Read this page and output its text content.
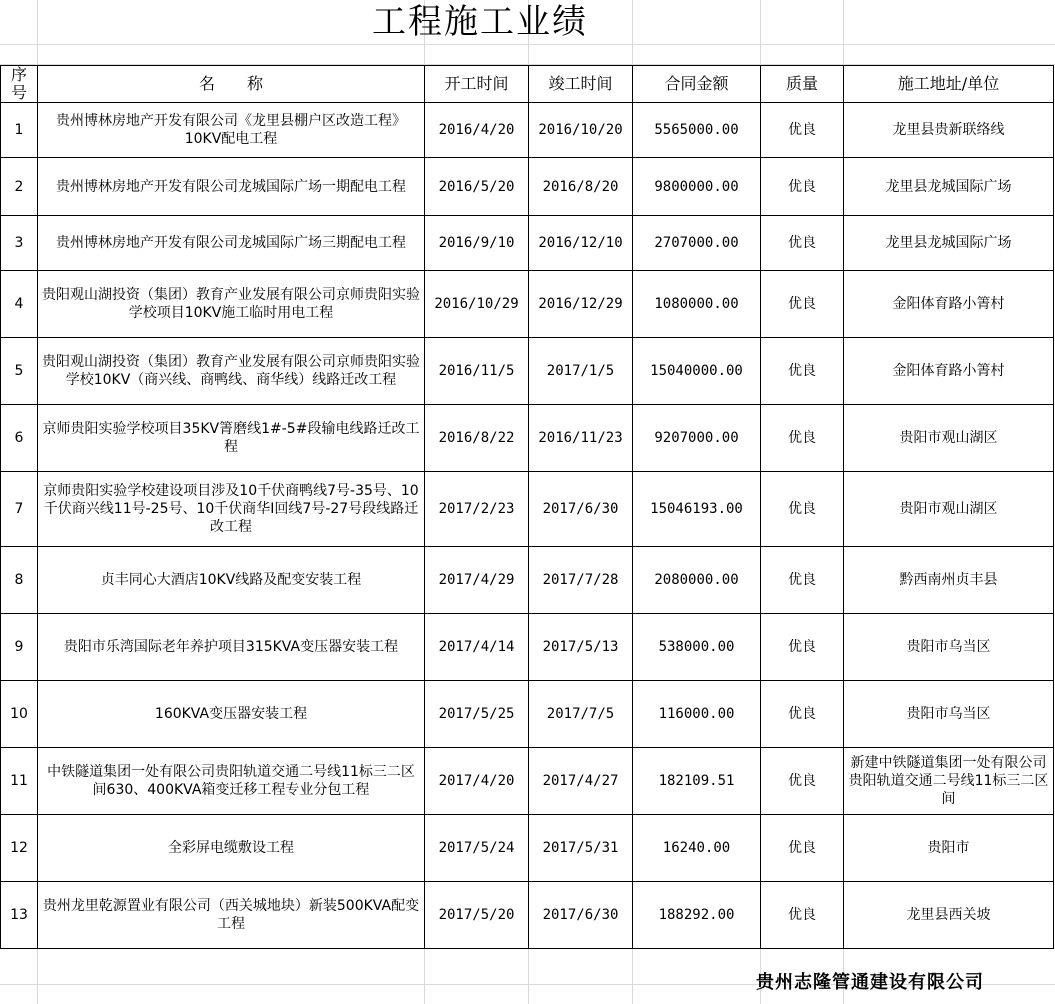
工程施工业绩
序号	名　　称	开工时间	竣工时间	合同金额	质量	施工地址/单位
1	贵州博林房地产开发有限公司《龙里县棚户区改造工程》10KV配电工程	2016/4/20	2016/10/20	5565000.00	优良	龙里县贵新联络线
2	贵州博林房地产开发有限公司龙城国际广场一期配电工程	2016/5/20	2016/8/20	9800000.00	优良	龙里县龙城国际广场
3	贵州博林房地产开发有限公司龙城国际广场三期配电工程	2016/9/10	2016/12/10	2707000.00	优良	龙里县龙城国际广场
4	贵阳观山湖投资（集团）教育产业发展有限公司京师贵阳实验学校项目10KV施工临时用电工程	2016/10/29	2016/12/29	1080000.00	优良	金阳体育路小箐村
5	贵阳观山湖投资（集团）教育产业发展有限公司京师贵阳实验学校10KV（商兴线、商鸭线、商华线）线路迁改工程	2016/11/5	2017/1/5	15040000.00	优良	金阳体育路小箐村
6	京师贵阳实验学校项目35KV箐磨线1#-5#段输电线路迁改工程	2016/8/22	2016/11/23	9207000.00	优良	贵阳市观山湖区
7	京师贵阳实验学校建设项目涉及10千伏商鸭线7号-35号、10千伏商兴线11号-25号、10千伏商华I回线7号-27号段线路迁改工程	2017/2/23	2017/6/30	15046193.00	优良	贵阳市观山湖区
8	贞丰同心大酒店10KV线路及配变安装工程	2017/4/29	2017/7/28	2080000.00	优良	黔西南州贞丰县
9	贵阳市乐湾国际老年养护项目315KVA变压器安装工程	2017/4/14	2017/5/13	538000.00	优良	贵阳市乌当区
10	160KVA变压器安装工程	2017/5/25	2017/7/5	116000.00	优良	贵阳市乌当区
11	中铁隧道集团一处有限公司贵阳轨道交通二号线11标三二区间630、400KVA箱变迁移工程专业分包工程	2017/4/20	2017/4/27	182109.51	优良	新建中铁隧道集团一处有限公司贵阳轨道交通二号线11标三二区间
12	全彩屏电缆敷设工程	2017/5/24	2017/5/31	16240.00	优良	贵阳市
13	贵州龙里乾源置业有限公司（西关城地块）新装500KVA配变工程	2017/5/20	2017/6/30	188292.00	优良	龙里县西关坡
贵州志隆管通建设有限公司
